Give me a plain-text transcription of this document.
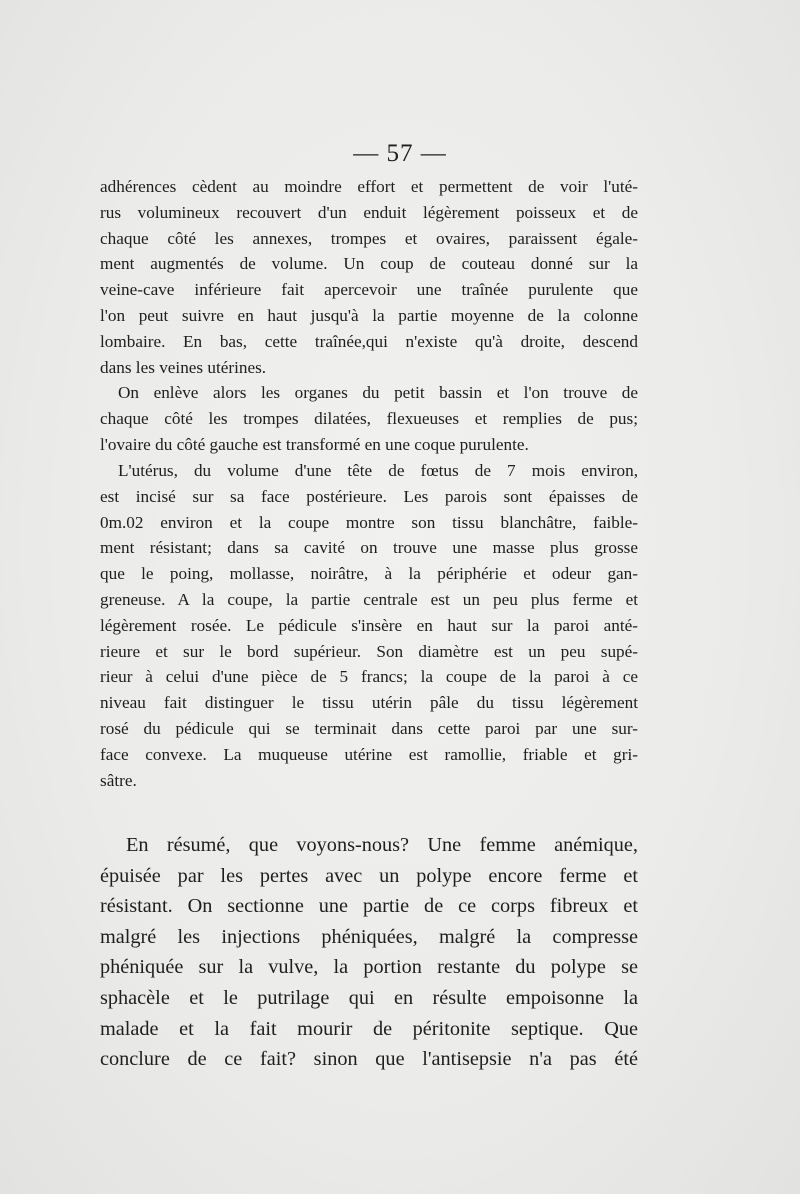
— 57 —
adhérences cèdent au moindre effort et permettent de voir l'uté-
rus volumineux recouvert d'un enduit légèrement poisseux et de
chaque côté les annexes, trompes et ovaires, paraissent égale-
ment augmentés de volume. Un coup de couteau donné sur la
veine-cave inférieure fait apercevoir une traînée purulente que
l'on peut suivre en haut jusqu'à la partie moyenne de la colonne
lombaire. En bas, cette traînée,qui n'existe qu'à droite, descend
dans les veines utérines.
On enlève alors les organes du petit bassin et l'on trouve de
chaque côté les trompes dilatées, flexueuses et remplies de pus;
l'ovaire du côté gauche est transformé en une coque purulente.
L'utérus, du volume d'une tête de fœtus de 7 mois environ,
est incisé sur sa face postérieure. Les parois sont épaisses de
0m.02 environ et la coupe montre son tissu blanchâtre, faible-
ment résistant; dans sa cavité on trouve une masse plus grosse
que le poing, mollasse, noirâtre, à la périphérie et odeur gan-
greneuse. A la coupe, la partie centrale est un peu plus ferme et
légèrement rosée. Le pédicule s'insère en haut sur la paroi anté-
rieure et sur le bord supérieur. Son diamètre est un peu supé-
rieur à celui d'une pièce de 5 francs; la coupe de la paroi à ce
niveau fait distinguer le tissu utérin pâle du tissu légèrement
rosé du pédicule qui se terminait dans cette paroi par une sur-
face convexe. La muqueuse utérine est ramollie, friable et gri-
sâtre.
En résumé, que voyons-nous? Une femme anémique,
épuisée par les pertes avec un polype encore ferme et
résistant. On sectionne une partie de ce corps fibreux et
malgré les injections phéniquées, malgré la compresse
phéniquée sur la vulve, la portion restante du polype se
sphacèle et le putrilage qui en résulte empoisonne la
malade et la fait mourir de péritonite septique. Que
conclure de ce fait? sinon que l'antisepsie n'a pas été
